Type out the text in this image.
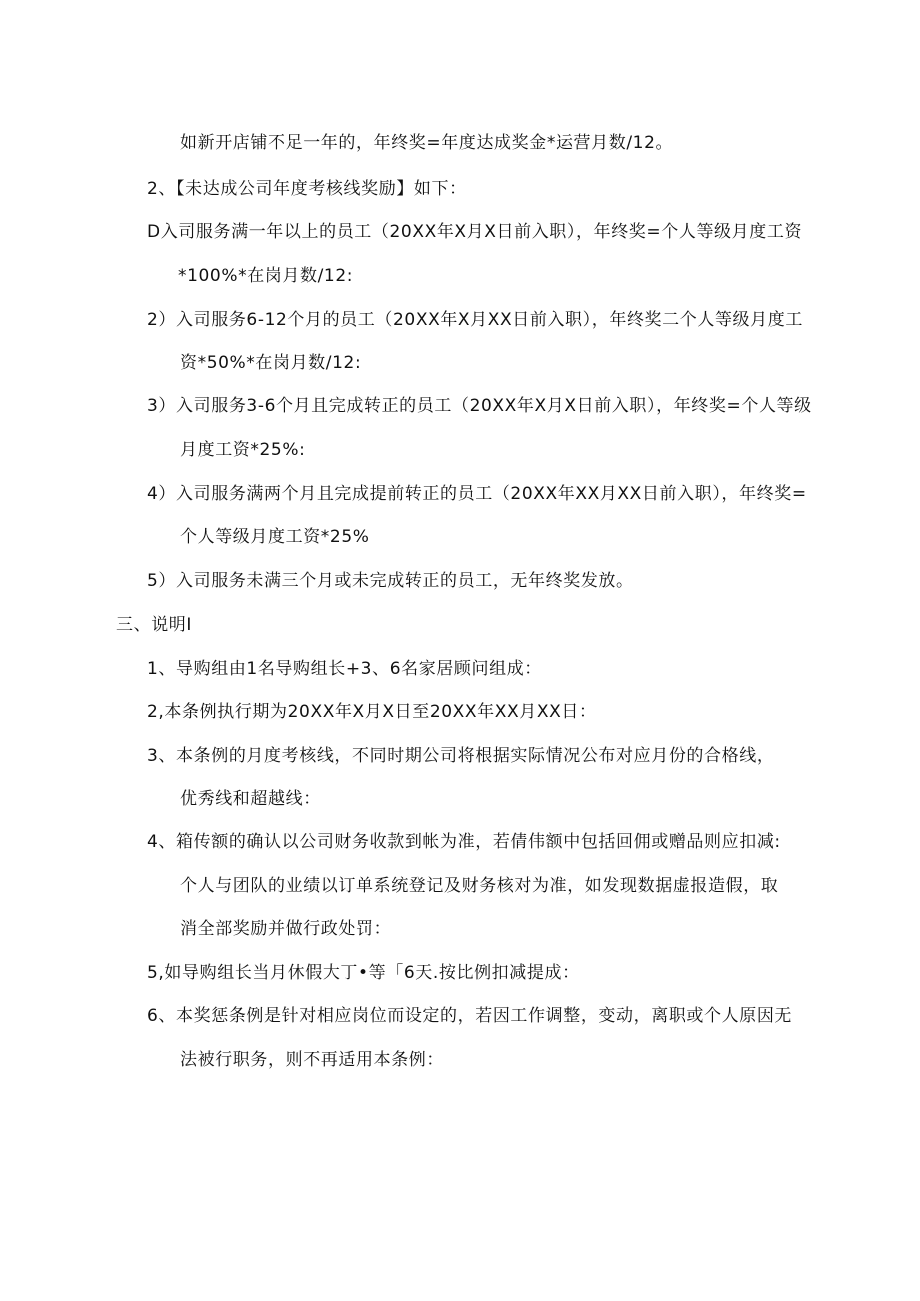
如新开店铺不足一年的，年终奖=年度达成奖金*运营月数/12。
2、【未达成公司年度考核线奖励】如下：
D入司服务满一年以上的员工（20XX年X月X日前入职），年终奖=个人等级月度工资
*100%*在岗月数/12:
2）入司服务6-12个月的员工（20XX年X月XX日前入职），年终奖二个人等级月度工
资*50%*在岗月数/12:
3）入司服务3-6个月且完成转正的员工（20XX年X月X日前入职），年终奖=个人等级
月度工资*25%:
4）入司服务满两个月且完成提前转正的员工（20XX年XX月XX日前入职），年终奖=
个人等级月度工资*25%
5）入司服务未满三个月或未完成转正的员工，无年终奖发放。
三、说明I
1、导购组由1名导购组长+3、6名家居顾问组成：
2,本条例执行期为20XX年X月X日至20XX年XX月XX日：
3、本条例的月度考核线，不同时期公司将根据实际情况公布对应月份的合格线，
优秀线和超越线：
4、箱传额的确认以公司财务收款到帐为准，若倩伟额中包括回佣或赠品则应扣减:
个人与团队的业绩以订单系统登记及财务核对为准，如发现数据虚报造假，取
消全部奖励并做行政处罚：
5,如导购组长当月休假大丁•等「6天.按比例扣减提成：
6、本奖惩条例是针对相应岗位而设定的，若因工作调整，变动，离职或个人原因无
法被行职务，则不再适用本条例：
